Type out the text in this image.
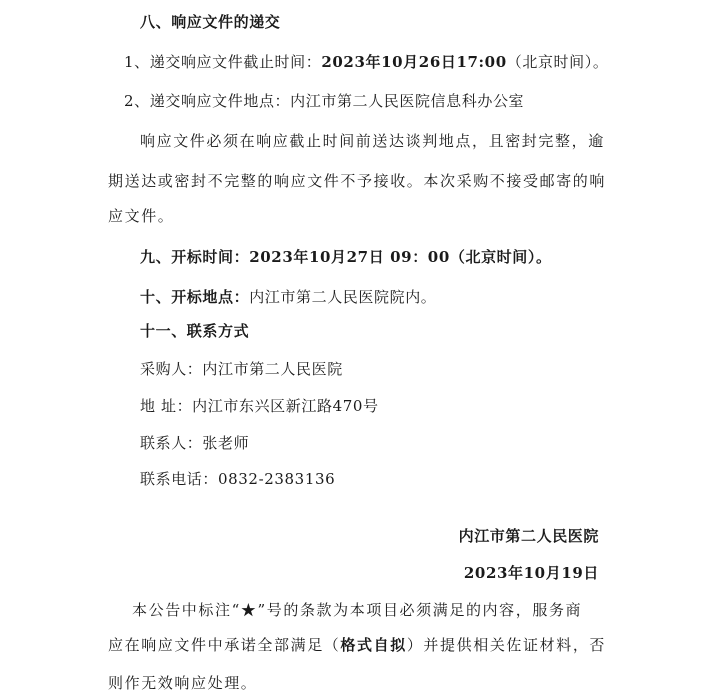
八、响应文件的递交
1、递交响应文件截止时间：2023年10月26日17:00（北京时间）。
2、递交响应文件地点：内江市第二人民医院信息科办公室
响应文件必须在响应截止时间前送达谈判地点，且密封完整，逾
期送达或密封不完整的响应文件不予接收。本次采购不接受邮寄的响
应文件。
九、开标时间：2023年10月27日 09：00（北京时间）。
十、开标地点：内江市第二人民医院院内。
十一、联系方式
采购人：内江市第二人民医院
地 址：内江市东兴区新江路470号
联系人：张老师
联系电话：0832-2383136
内江市第二人民医院
2023年10月19日
本公告中标注“★”号的条款为本项目必须满足的内容，服务商
应在响应文件中承诺全部满足（格式自拟）并提供相关佐证材料，否
则作无效响应处理。
